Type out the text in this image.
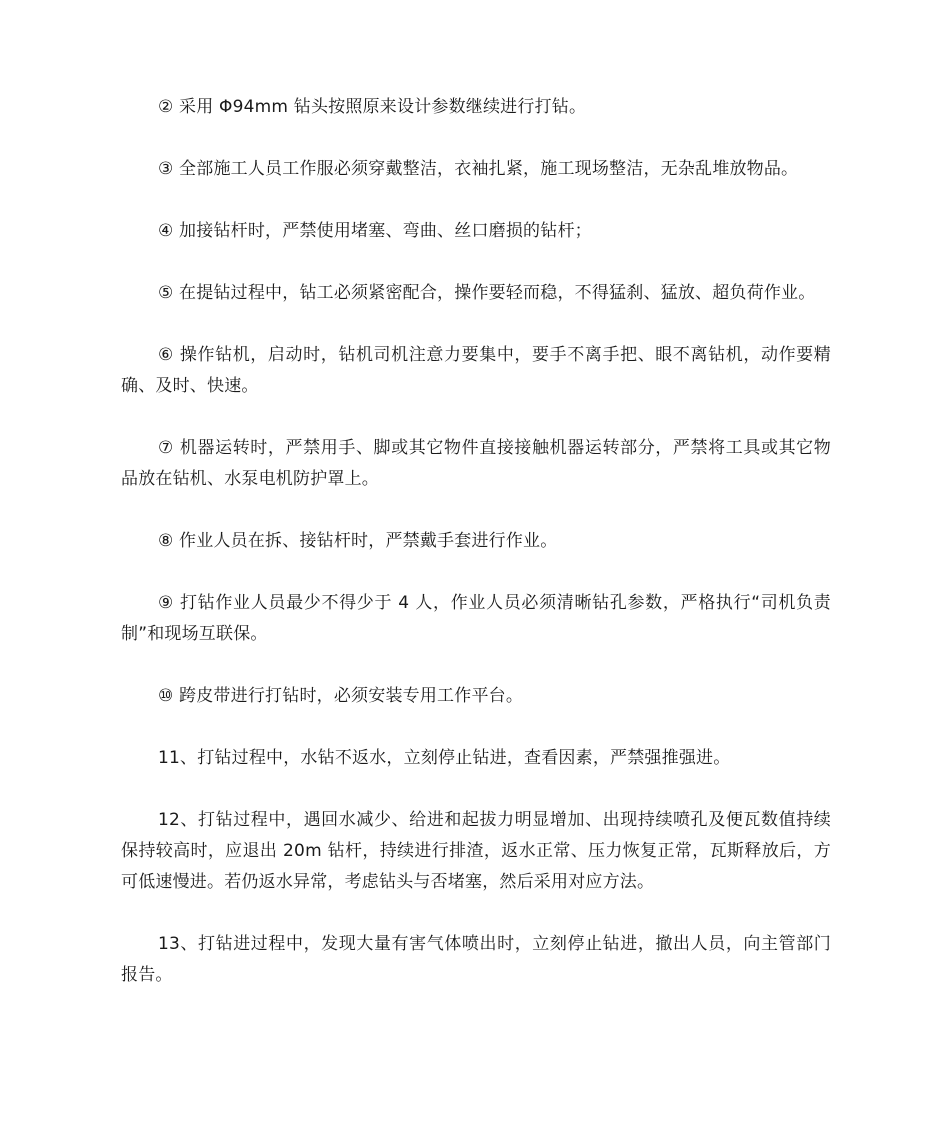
② 采用 Φ94mm 钻头按照原来设计参数继续进行打钻。

③ 全部施工人员工作服必须穿戴整洁，衣袖扎紧，施工现场整洁，无杂乱堆放物品。

④ 加接钻杆时，严禁使用堵塞、弯曲、丝口磨损的钻杆；

⑤ 在提钻过程中，钻工必须紧密配合，操作要轻而稳，不得猛刹、猛放、超负荷作业。

⑥ 操作钻机，启动时，钻机司机注意力要集中，要手不离手把、眼不离钻机，动作要精确、及时、快速。

⑦ 机器运转时，严禁用手、脚或其它物件直接接触机器运转部分，严禁将工具或其它物品放在钻机、水泵电机防护罩上。

⑧ 作业人员在拆、接钻杆时，严禁戴手套进行作业。

⑨ 打钻作业人员最少不得少于 4 人，作业人员必须清晰钻孔参数，严格执行“司机负责制”和现场互联保。

⑩ 跨皮带进行打钻时，必须安装专用工作平台。

11、打钻过程中，水钻不返水，立刻停止钻进，查看因素，严禁强推强进。

12、打钻过程中，遇回水减少、给进和起拔力明显增加、出现持续喷孔及便瓦数值持续保持较高时，应退出 20m 钻杆，持续进行排渣，返水正常、压力恢复正常，瓦斯释放后，方可低速慢进。若仍返水异常，考虑钻头与否堵塞，然后采用对应方法。

13、打钻进过程中，发现大量有害气体喷出时，立刻停止钻进，撤出人员，向主管部门报告。
